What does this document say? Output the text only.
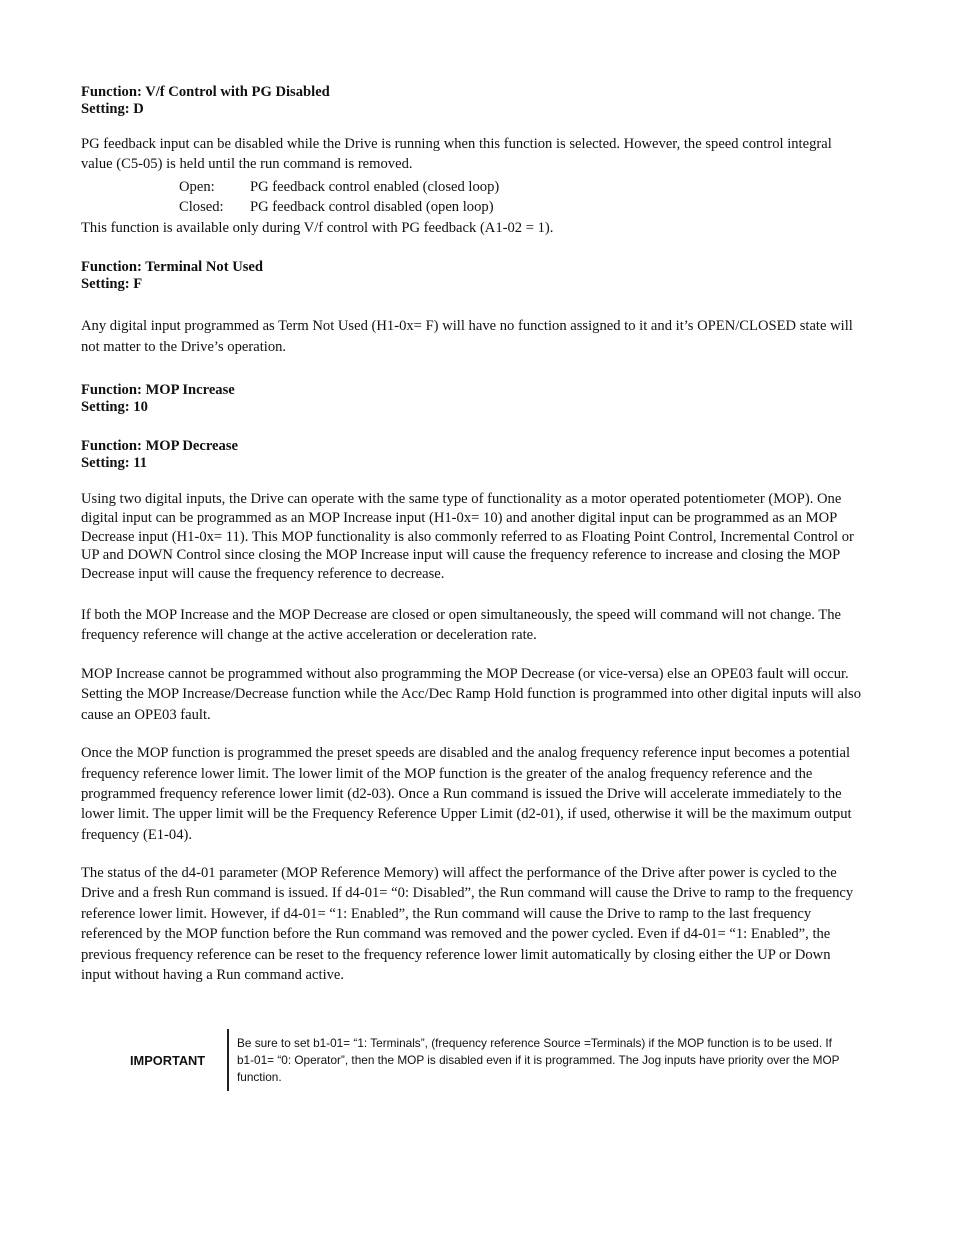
Function: V/f Control with PG Disabled

Setting: D

PG feedback input can be disabled while the Drive is running when this function is selected. However, the speed control integral value (C5-05) is held until the run command is removed.

Open: PG feedback control enabled (closed loop)
Closed: PG feedback control disabled (open loop)

This function is available only during V/f control with PG feedback (A1-02 = 1).

Function: Terminal Not Used

Setting: F

Any digital input programmed as Term Not Used (H1-0x= F) will have no function assigned to it and it’s OPEN/CLOSED state will not matter to the Drive’s operation.

Function: MOP Increase

Setting: 10

Function: MOP Decrease

Setting: 11

Using two digital inputs, the Drive can operate with the same type of functionality as a motor operated potentiometer (MOP). One digital input can be programmed as an MOP Increase input (H1-0x= 10) and another digital input can be programmed as an MOP Decrease input (H1-0x= 11). This MOP functionality is also commonly referred to as Floating Point Control, Incremental Control or UP and DOWN Control since closing the MOP Increase input will cause the frequency reference to increase and closing the MOP Decrease input will cause the frequency reference to decrease.

If both the MOP Increase and the MOP Decrease are closed or open simultaneously, the speed will command will not change. The frequency reference will change at the active acceleration or deceleration rate.

MOP Increase cannot be programmed without also programming the MOP Decrease (or vice-versa) else an OPE03 fault will occur. Setting the MOP Increase/Decrease function while the Acc/Dec Ramp Hold function is programmed into other digital inputs will also cause an OPE03 fault.

Once the MOP function is programmed the preset speeds are disabled and the analog frequency reference input becomes a potential frequency reference lower limit. The lower limit of the MOP function is the greater of the analog frequency reference and the programmed frequency reference lower limit (d2-03). Once a Run command is issued the Drive will accelerate immediately to the lower limit. The upper limit will be the Frequency Reference Upper Limit (d2-01), if used, otherwise it will be the maximum output frequency (E1-04).

The status of the d4-01 parameter (MOP Reference Memory) will affect the performance of the Drive after power is cycled to the Drive and a fresh Run command is issued. If d4-01= “0: Disabled”, the Run command will cause the Drive to ramp to the frequency reference lower limit. However, if d4-01= “1: Enabled”, the Run command will cause the Drive to ramp to the last frequency referenced by the MOP function before the Run command was removed and the power cycled. Even if d4-01= “1: Enabled”, the previous frequency reference can be reset to the frequency reference lower limit automatically by closing either the UP or Down input without having a Run command active.

IMPORTANT

Be sure to set b1-01= “1: Terminals”, (frequency reference Source =Terminals) if the MOP function is to be used. If b1-01= “0: Operator”, then the MOP is disabled even if it is programmed. The Jog inputs have priority over the MOP function.
